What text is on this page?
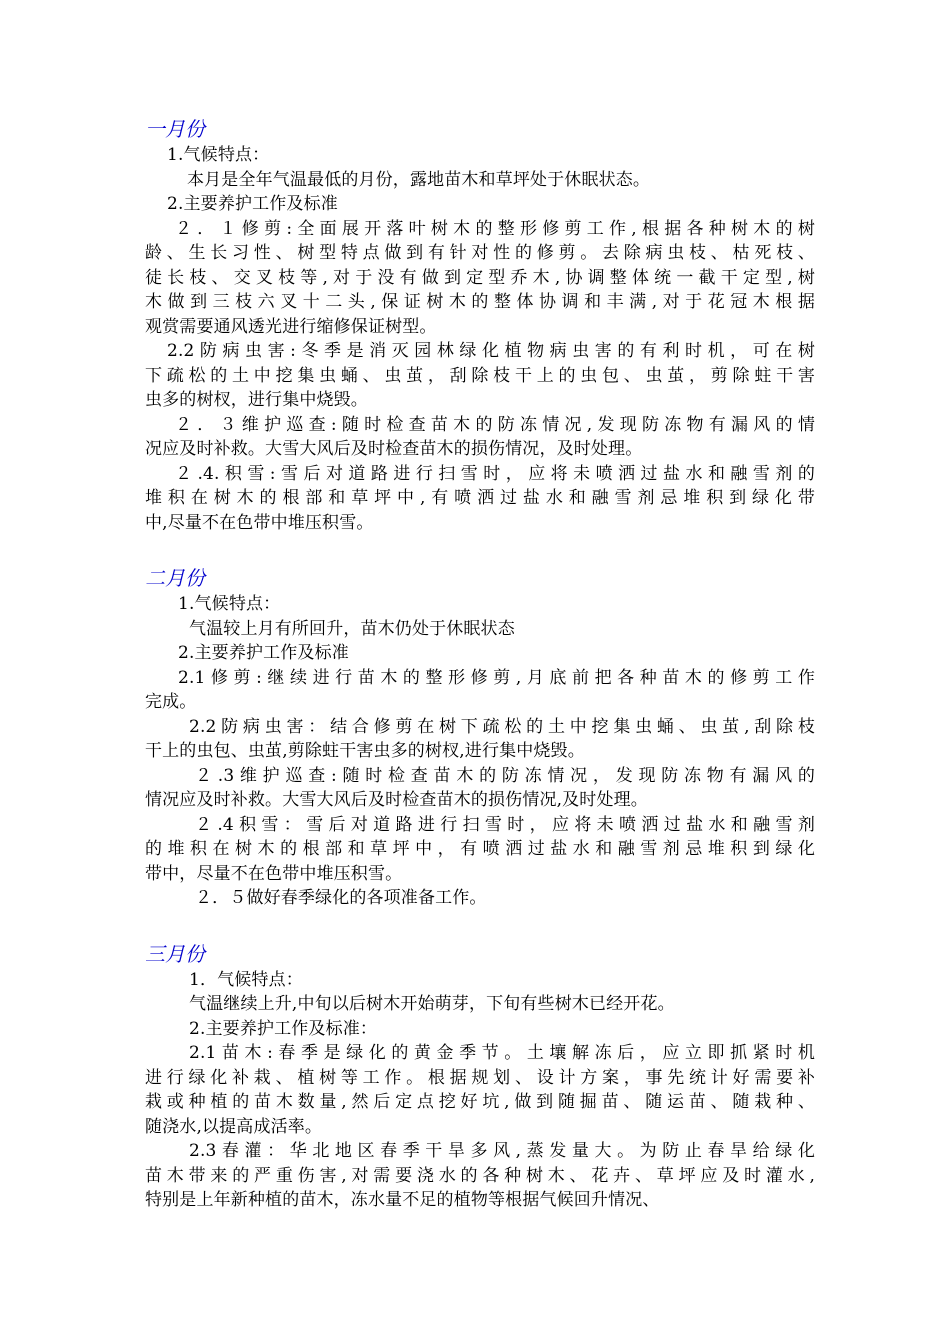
一月份
1.气候特点：
本月是全年气温最低的月份，露地苗木和草坪处于休眠状态。
2.主要养护工作及标准
２．１修剪:全面展开落叶树木的整形修剪工作,根据各种树木的树
龄、生长习性、树型特点做到有针对性的修剪。去除病虫枝、枯死枝、
徒长枝、交叉枝等,对于没有做到定型乔木,协调整体统一截干定型,树
木做到三枝六叉十二头,保证树木的整体协调和丰满,对于花冠木根据
观赏需要通风透光进行缩修保证树型。
2.2防病虫害:冬季是消灭园林绿化植物病虫害的有利时机，可在树
下疏松的土中挖集虫蛹、虫茧，刮除枝干上的虫包、虫茧，剪除蛀干害
虫多的树杈，进行集中烧毁。
２．３维护巡查:随时检查苗木的防冻情况,发现防冻物有漏风的情
况应及时补救。大雪大风后及时检查苗木的损伤情况，及时处理。
２.4.积雪:雪后对道路进行扫雪时，应将未喷洒过盐水和融雪剂的
堆积在树木的根部和草坪中,有喷洒过盐水和融雪剂忌堆积到绿化带
中,尽量不在色带中堆压积雪。
二月份
1.气候特点：
气温较上月有所回升，苗木仍处于休眠状态
2.主要养护工作及标准
2.1修剪:继续进行苗木的整形修剪,月底前把各种苗木的修剪工作
完成。
2.2防病虫害：结合修剪在树下疏松的土中挖集虫蛹、虫茧,刮除枝
干上的虫包、虫茧,剪除蛀干害虫多的树杈,进行集中烧毁。
２.3维护巡查:随时检查苗木的防冻情况，发现防冻物有漏风的
情况应及时补救。大雪大风后及时检查苗木的损伤情况,及时处理。
２.4积雪：雪后对道路进行扫雪时，应将未喷洒过盐水和融雪剂
的堆积在树木的根部和草坪中，有喷洒过盐水和融雪剂忌堆积到绿化
带中，尽量不在色带中堆压积雪。
２．５做好春季绿化的各项准备工作。
三月份
1．气候特点：
气温继续上升,中旬以后树木开始萌芽，下旬有些树木已经开花。
2.主要养护工作及标准：
2.1苗木:春季是绿化的黄金季节。土壤解冻后，应立即抓紧时机
进行绿化补栽、植树等工作。根据规划、设计方案，事先统计好需要补
栽或种植的苗木数量,然后定点挖好坑,做到随掘苗、随运苗、随栽种、
随浇水,以提高成活率。
2.3春灌：华北地区春季干旱多风,蒸发量大。为防止春旱给绿化
苗木带来的严重伤害,对需要浇水的各种树木、花卉、草坪应及时灌水,
特别是上年新种植的苗木，冻水量不足的植物等根据气候回升情况、
